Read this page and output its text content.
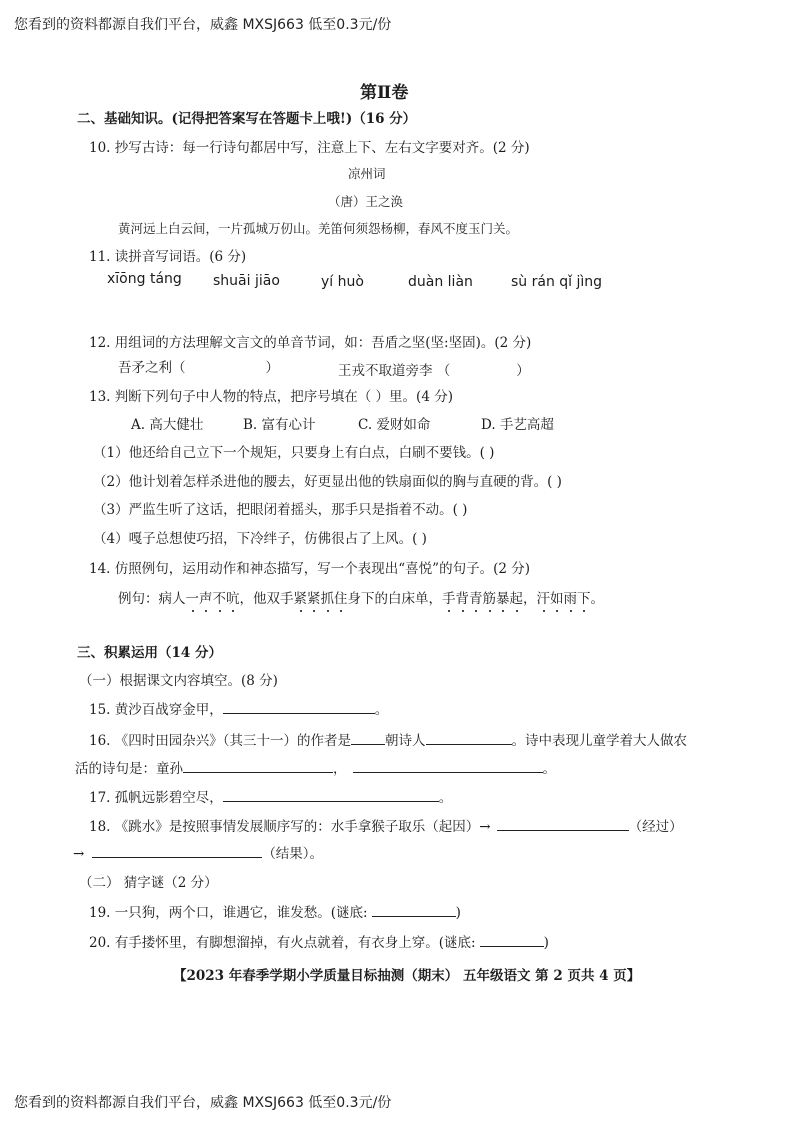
您看到的资料都源自我们平台，威鑫 MXSJ663 低至0.3元/份
您看到的资料都源自我们平台，威鑫 MXSJ663 低至0.3元/份
第Ⅱ卷
二、基础知识。(记得把答案写在答题卡上哦!)（16 分）
10. 抄写古诗：每一行诗句都居中写，注意上下、左右文字要对齐。(2 分)
凉州词
（唐）王之涣
黄河远上白云间，一片孤城万仞山。羌笛何须怨杨柳，春风不度玉门关。
11. 读拼音写词语。(6 分)
xīōng táng shuāi jiāo	yí huò	duàn liàn	sù rán qǐ jìng
12. 用组词的方法理解文言文的单音节词，如：吾盾之坚(坚:坚固)。(2 分)
吾矛之利（	）	王戎不取道旁李 （	）
13. 判断下列句子中人物的特点，把序号填在（ ）里。(4 分)
A. 高大健壮	B. 富有心计	C. 爱财如命	D. 手艺高超
（1）他还给自己立下一个规矩，只要身上有白点，白刷不要钱。( )
（2）他计划着怎样杀进他的腰去，好更显出他的铁扇面似的胸与直硬的背。( )
（3）严监生听了这话，把眼闭着摇头，那手只是指着不动。( )
（4）嘎子总想使巧招，下冷绊子，仿佛很占了上风。( )
14. 仿照例句，运用动作和神态描写，写一个表现出“喜悦”的句子。(2 分)
例句：病人一声不吭，他双手紧紧抓住身下的白床单，手背青筋暴起，汗如雨下。
三、积累运用（14 分）
（一）根据课文内容填空。(8 分)
15. 黄沙百战穿金甲，	。
16. 《四时田园杂兴》（其三十一）的作者是	朝诗人	。诗中表现儿童学着大人做农
活的诗句是：童孙	，	。
17. 孤帆远影碧空尽，	。
18. 《跳水》是按照事情发展顺序写的：水手拿猴子取乐（起因）→	（经过）
→	（结果）。
（二） 猜字谜（2 分）
19. 一只狗，两个口，谁遇它，谁发愁。(谜底:	)
20. 有手搂怀里，有脚想溜掉，有火点就着，有衣身上穿。(谜底:	)
【2023 年春季学期小学质量目标抽测（期末） 五年级语文 第 2 页共 4 页】
